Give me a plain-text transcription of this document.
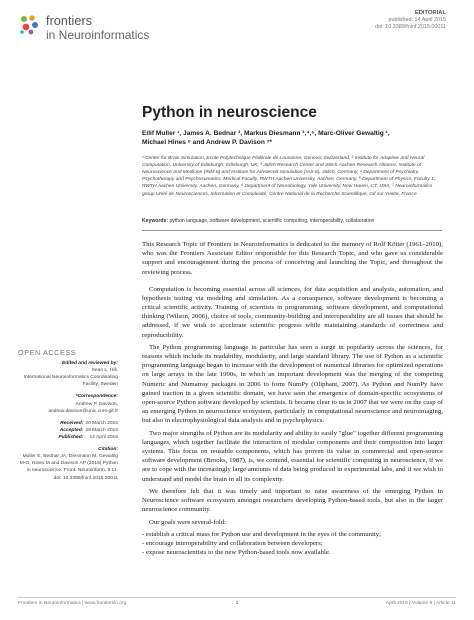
frontiers
in Neuroinformatics
EDITORIAL
published: 14 April 2015
doi: 10.3389/fninf.2015.00011
Python in neuroscience
Eilif Muller ¹, James A. Bednar ², Markus Diesmann ³,⁴,⁵, Marc-Oliver Gewaltig ¹,
Michael Hines ⁶ and Andrew P. Davison ⁷*
¹ Center for Brain Simulation, Ecole Polytechnique Fédérale de Lausanne, Geneva, Switzerland, ² Institute for Adaptive and Neural Computation, University of Edinburgh, Edinburgh, UK, ³ Jülich Research Center and Jülich Aachen Research Alliance, Institute of Neuroscience and Medicine (INM-6) and Institute for Advanced Simulation (IAS-6), Jülich, Germany, ⁴ Department of Psychiatry, Psychotherapy and Psychosomatics, Medical Faculty, RWTH Aachen University, Aachen, Germany, ⁵ Department of Physics, Faculty 1, RWTH Aachen University, Aachen, Germany, ⁶ Department of Neurobiology, Yale University, New Haven, CT, USA, ⁷ Neuroinformatics group Unité de Neurosciences, Information et Complexité, Centre National de la Recherche Scientifique, Gif sur Yvette, France
Keywords: python language, software development, scientific computing, interoperability, collaboration

This Research Topic of Frontiers in Neuroinformatics is dedicated to the memory of Rolf Kötter (1961–2010), who was the Frontiers Associate Editor responsible for this Research Topic, and who gave us considerable support and encouragement during the process of conceiving and launching the Topic, and throughout the reviewing process.

Computation is becoming essential across all sciences, for data acquisition and analysis, automation, and hypothesis testing via modeling and simulation. As a consequence, software development is becoming a critical scientific activity. Training of scientists in programming, software development, and computational thinking (Wilson, 2006), choice of tools, community-building and interoperability are all issues that should be addressed, if we wish to accelerate scientific progress while maintaining standards of correctness and reproducibility.

The Python programming language in particular has seen a surge in popularity across the sciences, for reasons which include its readability, modularity, and large standard library. The use of Python as a scientific programming language began to increase with the development of numerical libraries for optimized operations on large arrays in the late 1990s, in which an important development was the merging of the competing Numeric and Numarray packages in 2006 to form NumPy (Oliphant, 2007). As Python and NumPy have gained traction in a given scientific domain, we have seen the emergence of domain-specific ecosystems of open-source Python software developed by scientists. It became clear to us in 2007 that we were on the cusp of an emerging Python in neuroscience ecosystem, particularly in computational neuroscience and neuroimaging, but also in electrophysiological data analysis and in psychophysics.

Two major strengths of Python are its modularity and ability to easily "glue" together different programming languages, which together facilitate the interaction of modular components and their composition into larger systems. This focus on reusable components, which has proven its value in commercial and open-source software development (Brooks, 1987), is, we contend, essential for scientific computing in neuroscience, if we are to cope with the increasingly large amounts of data being produced in experimental labs, and if we wish to understand and model the brain in all its complexity.

We therefore felt that it was timely and important to raise awareness of the emerging Python in Neuroscience software ecosystem amongst researchers developing Python-based tools, but also in the larger neuroscience community.

Our goals were several-fold:

- establish a critical mass for Python use and development in the eyes of the community;
- encourage interoperability and collaboration between developers;
- expose neuroscientists to the new Python-based tools now available.
OPEN ACCESS
Edited and reviewed by:
Sean L. Hill,
International Neuroinformatics Coordinating Facility, Sweden
*Correspondence:
Andrew P. Davison,
andrew.davison@unic.cnrs-gif.fr
Received: 20 March 2015
Accepted: 28 March 2015
Published:	14 April 2015
Citation:
Muller E, Bednar JA, Diesmann M, Gewaltig M-O, Hines M and Davison AP (2015) Python in neuroscience. Front. Neuroinform. 9:11. doi: 10.3389/fninf.2015.00011
Frontiers in Neuroinformatics | www.frontiersin.org	1	April 2015 | Volume 9 | Article 11
